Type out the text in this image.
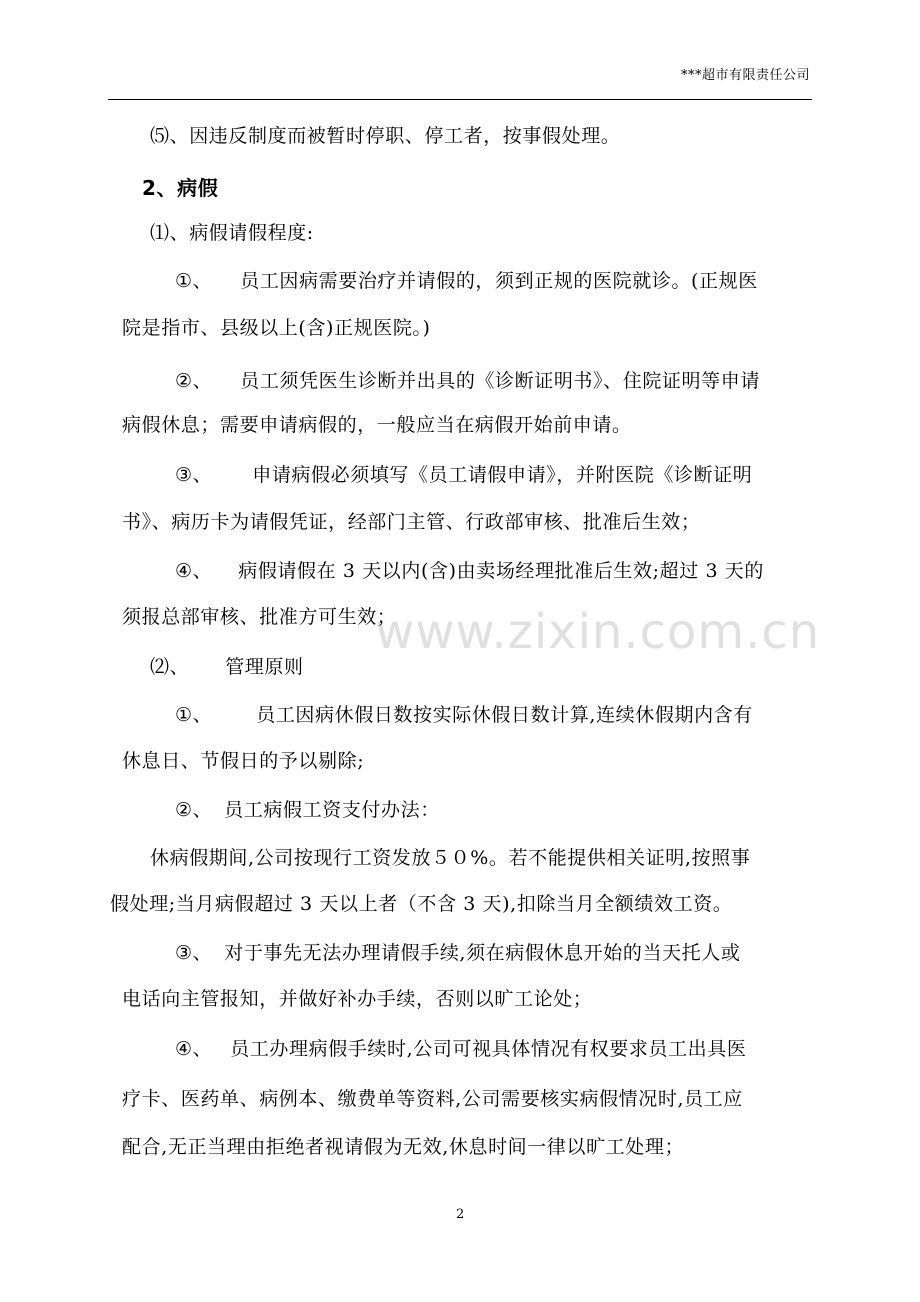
***超市有限责任公司
www.zixin.com.cn
⑸、因违反制度而被暂时停职、停工者，按事假处理。
2、病假
⑴、病假请假程度:
①、 员工因病需要治疗并请假的，须到正规的医院就诊。(正规医
院是指市、县级以上(含)正规医院。)
②、 员工须凭医生诊断并出具的《诊断证明书》、住院证明等申请
病假休息；需要申请病假的，一般应当在病假开始前申请。
③、 申请病假必须填写《员工请假申请》，并附医院《诊断证明
书》、病历卡为请假凭证，经部门主管、行政部审核、批准后生效；
④、 病假请假在 3 天以内(含)由卖场经理批准后生效;超过 3 天的
须报总部审核、批准方可生效；
⑵、 管理原则
①、 员工因病休假日数按实际休假日数计算,连续休假期内含有
休息日、节假日的予以剔除;
②、 员工病假工资支付办法：
休病假期间,公司按现行工资发放５０%。若不能提供相关证明,按照事
假处理;当月病假超过 3 天以上者（不含 3 天),扣除当月全额绩效工资。
③、 对于事先无法办理请假手续,须在病假休息开始的当天托人或
电话向主管报知，并做好补办手续，否则以旷工论处；
④、 员工办理病假手续时,公司可视具体情况有权要求员工出具医
疗卡、医药单、病例本、缴费单等资料,公司需要核实病假情况时,员工应
配合,无正当理由拒绝者视请假为无效,休息时间一律以旷工处理；
2
